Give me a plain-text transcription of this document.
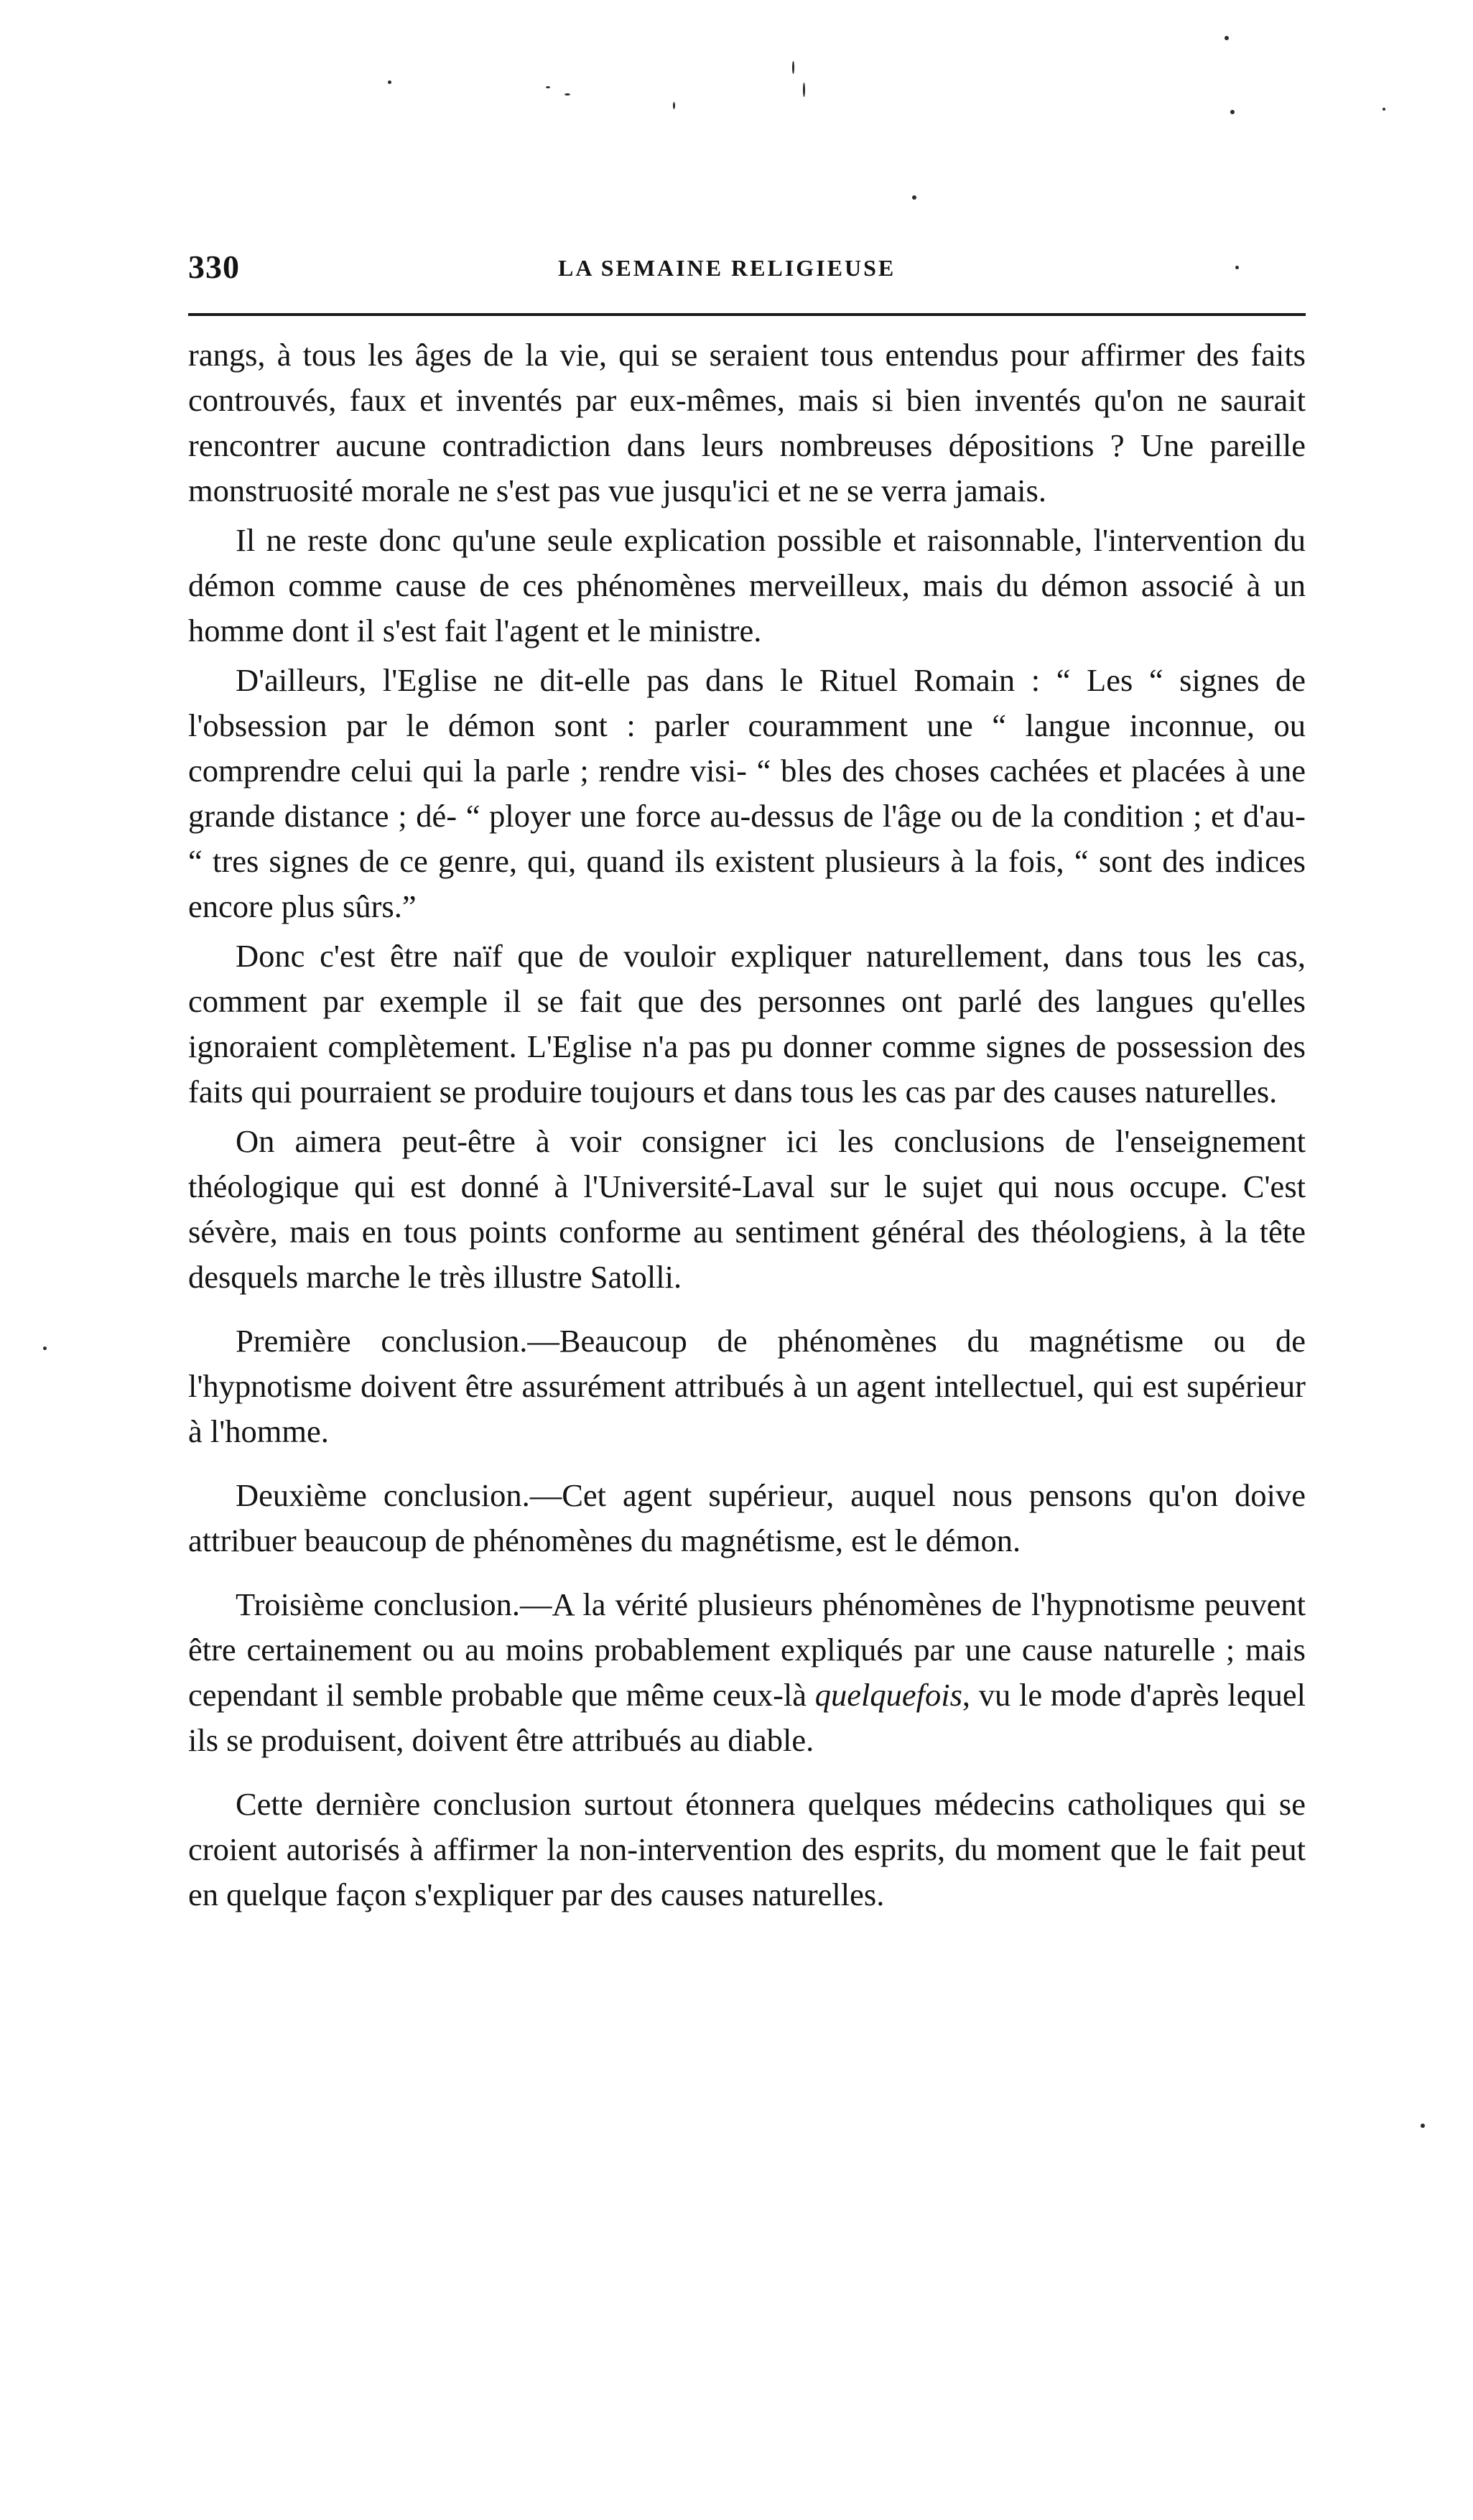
330	LA SEMAINE RELIGIEUSE

rangs, à tous les âges de la vie, qui se seraient tous entendus pour affirmer des faits controuvés, faux et inventés par eux-mêmes, mais si bien inventés qu'on ne saurait rencontrer aucune contradiction dans leurs nombreuses dépositions ? Une pareille monstruosité morale ne s'est pas vue jusqu'ici et ne se verra jamais.

Il ne reste donc qu'une seule explication possible et raisonnable, l'intervention du démon comme cause de ces phénomènes merveilleux, mais du démon associé à un homme dont il s'est fait l'agent et le ministre.

D'ailleurs, l'Eglise ne dit-elle pas dans le Rituel Romain : “ Les “ signes de l'obsession par le démon sont : parler couramment une “ langue inconnue, ou comprendre celui qui la parle ; rendre visi- “ bles des choses cachées et placées à une grande distance ; dé- “ ployer une force au-dessus de l'âge ou de la condition ; et d'au- “ tres signes de ce genre, qui, quand ils existent plusieurs à la fois, “ sont des indices encore plus sûrs.”

Donc c'est être naïf que de vouloir expliquer naturellement, dans tous les cas, comment par exemple il se fait que des personnes ont parlé des langues qu'elles ignoraient complètement. L'Eglise n'a pas pu donner comme signes de possession des faits qui pourraient se produire toujours et dans tous les cas par des causes naturelles.

On aimera peut-être à voir consigner ici les conclusions de l'enseignement théologique qui est donné à l'Université-Laval sur le sujet qui nous occupe. C'est sévère, mais en tous points conforme au sentiment général des théologiens, à la tête desquels marche le très illustre Satolli.

Première conclusion.—Beaucoup de phénomènes du magnétisme ou de l'hypnotisme doivent être assurément attribués à un agent intellectuel, qui est supérieur à l'homme.

Deuxième conclusion.—Cet agent supérieur, auquel nous pensons qu'on doive attribuer beaucoup de phénomènes du magnétisme, est le démon.

Troisième conclusion.—A la vérité plusieurs phénomènes de l'hypnotisme peuvent être certainement ou au moins probablement expliqués par une cause naturelle ; mais cependant il semble probable que même ceux-là quelquefois, vu le mode d'après lequel ils se produisent, doivent être attribués au diable.

Cette dernière conclusion surtout étonnera quelques médecins catholiques qui se croient autorisés à affirmer la non-intervention des esprits, du moment que le fait peut en quelque façon s'expliquer par des causes naturelles.
